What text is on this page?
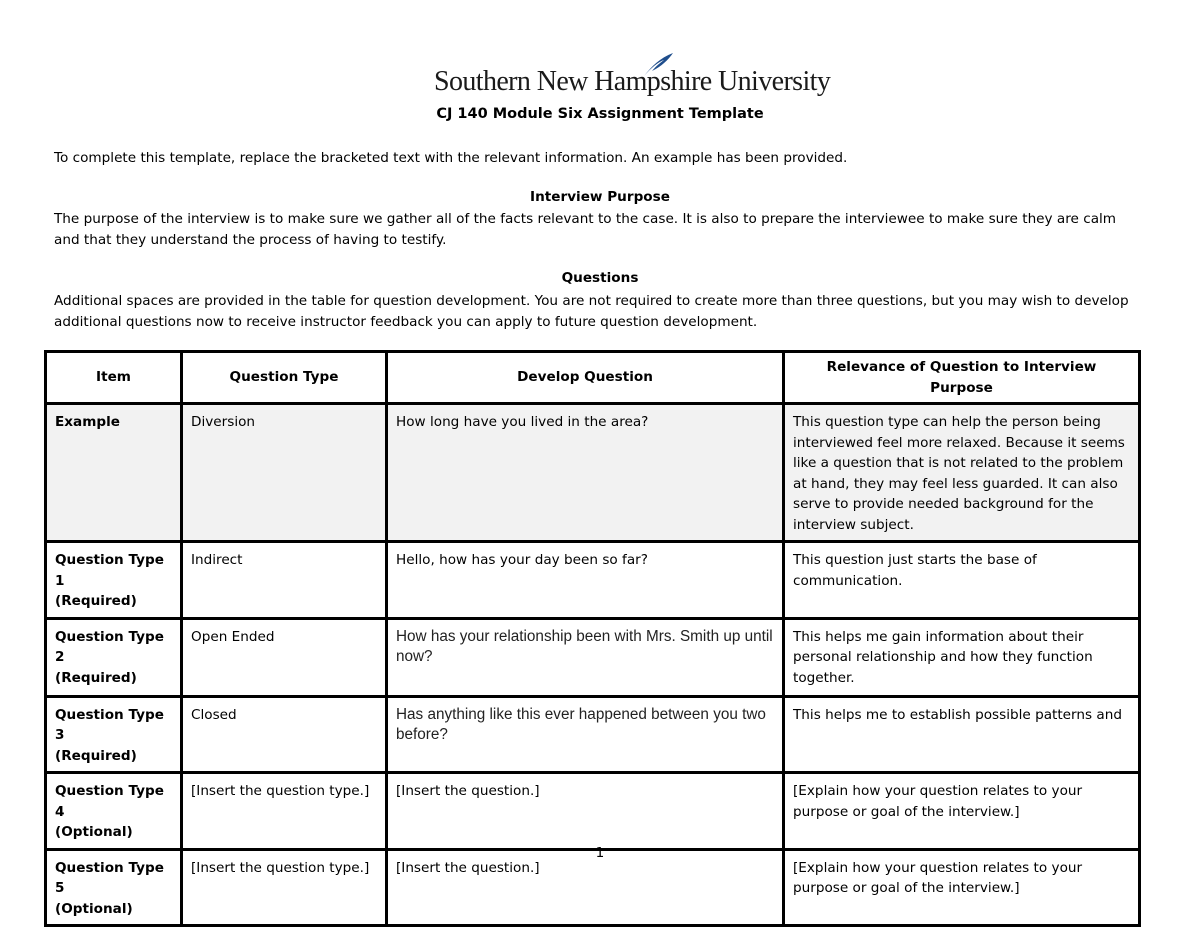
Southern New Hampshire University
CJ 140 Module Six Assignment Template
To complete this template, replace the bracketed text with the relevant information. An example has been provided.
Interview Purpose
The purpose of the interview is to make sure we gather all of the facts relevant to the case. It is also to prepare the interviewee to make sure they are calm and that they understand the process of having to testify.
Questions
Additional spaces are provided in the table for question development. You are not required to create more than three questions, but you may wish to develop additional questions now to receive instructor feedback you can apply to future question development.
Item	Question Type	Develop Question	Relevance of Question to Interview Purpose

Example	Diversion	How long have you lived in the area?	This question type can help the person being interviewed feel more relaxed. Because it seems like a question that is not related to the problem at hand, they may feel less guarded. It can also serve to provide needed background for the interview subject.

Question Type 1
(Required)	Indirect	Hello, how has your day been so far?	This question just starts the base of communication.

Question Type 2
(Required)	Open Ended	How has your relationship been with Mrs. Smith up until now?	This helps me gain information about their personal relationship and how they function together.

Question Type 3
(Required)	Closed	Has anything like this ever happened between you two before?	This helps me to establish possible patterns and

Question Type 4
(Optional)	[Insert the question type.]	[Insert the question.]	[Explain how your question relates to your purpose or goal of the interview.]

Question Type 5
(Optional)	[Insert the question type.]	[Insert the question.]	[Explain how your question relates to your purpose or goal of the interview.]
1
